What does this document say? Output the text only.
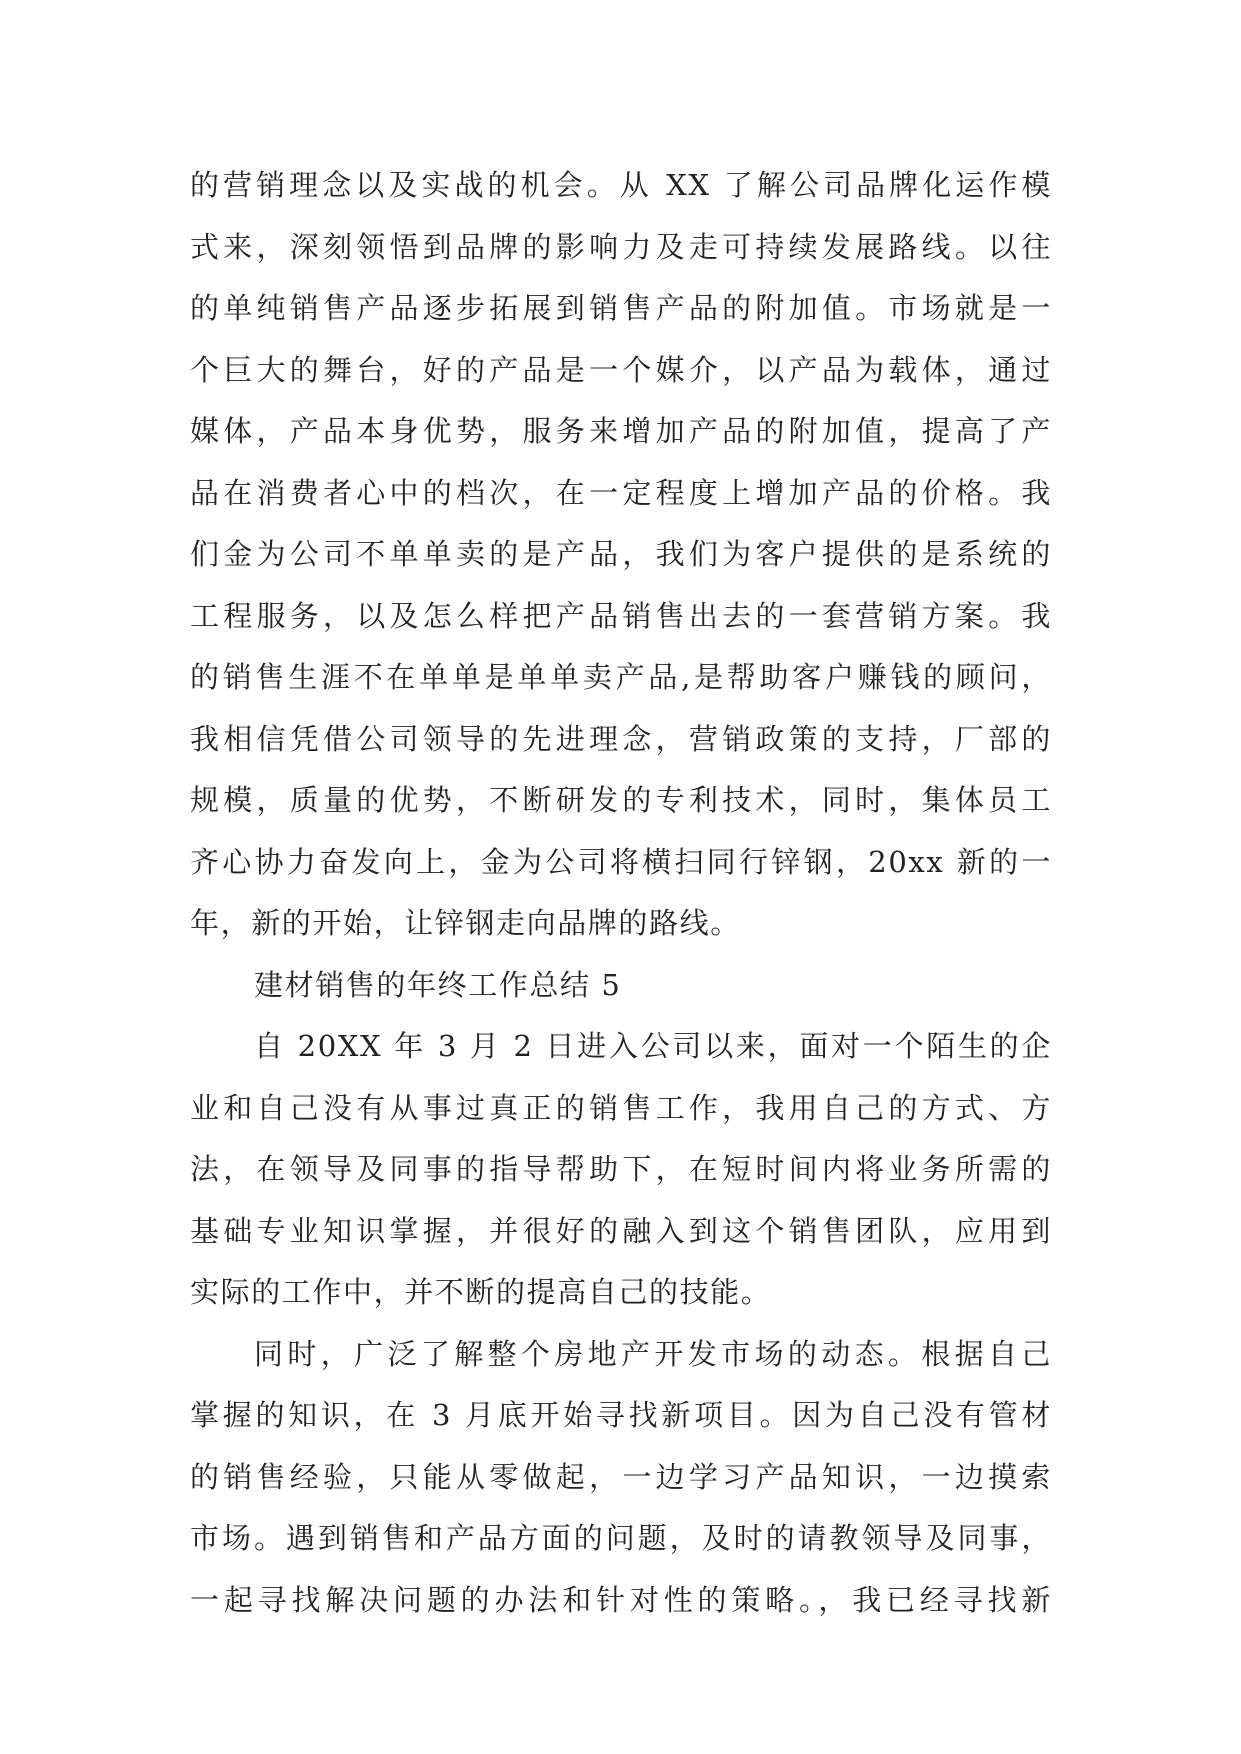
的营销理念以及实战的机会。从 XX 了解公司品牌化运作模
式来，深刻领悟到品牌的影响力及走可持续发展路线。以往
的单纯销售产品逐步拓展到销售产品的附加值。市场就是一
个巨大的舞台，好的产品是一个媒介，以产品为载体，通过
媒体，产品本身优势，服务来增加产品的附加值，提高了产
品在消费者心中的档次，在一定程度上增加产品的价格。我
们金为公司不单单卖的是产品，我们为客户提供的是系统的
工程服务，以及怎么样把产品销售出去的一套营销方案。我
的销售生涯不在单单是单单卖产品,是帮助客户赚钱的顾问，
我相信凭借公司领导的先进理念，营销政策的支持，厂部的
规模，质量的优势，不断研发的专利技术，同时，集体员工
齐心协力奋发向上，金为公司将横扫同行锌钢，20xx 新的一
年，新的开始，让锌钢走向品牌的路线。
建材销售的年终工作总结 5
自 20XX 年 3 月 2 日进入公司以来，面对一个陌生的企
业和自己没有从事过真正的销售工作，我用自己的方式、方
法，在领导及同事的指导帮助下，在短时间内将业务所需的
基础专业知识掌握，并很好的融入到这个销售团队，应用到
实际的工作中，并不断的提高自己的技能。
同时，广泛了解整个房地产开发市场的动态。根据自己
掌握的知识，在 3 月底开始寻找新项目。因为自己没有管材
的销售经验，只能从零做起，一边学习产品知识，一边摸索
市场。遇到销售和产品方面的问题，及时的请教领导及同事，
一起寻找解决问题的办法和针对性的策略。，我已经寻找新
